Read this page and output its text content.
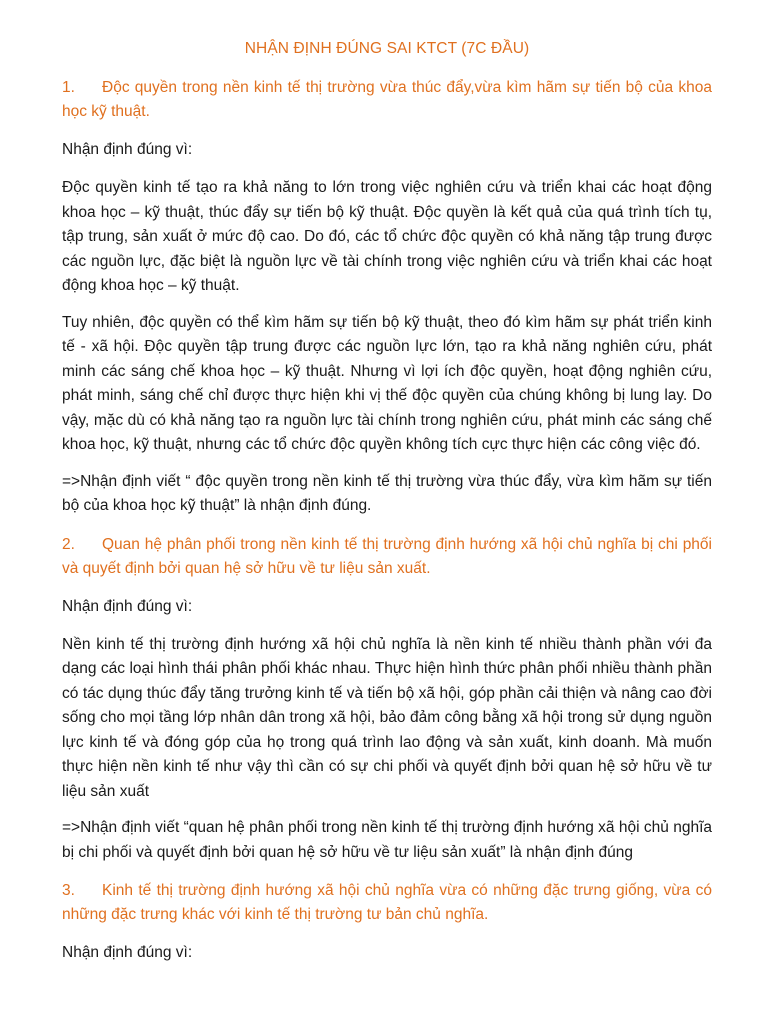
NHẬN ĐỊNH ĐÚNG SAI KTCT (7C ĐẦU)
1. Độc quyền trong nền kinh tế thị trường vừa thúc đẩy,vừa kìm hãm sự tiến bộ của khoa học kỹ thuật.
Nhận định đúng vì:
Độc quyền kinh tế tạo ra khả năng to lớn trong việc nghiên cứu và triển khai các hoạt động khoa học – kỹ thuật, thúc đẩy sự tiến bộ kỹ thuật. Độc quyền là kết quả của quá trình tích tụ, tập trung, sản xuất ở mức độ cao. Do đó, các tổ chức độc quyền có khả năng tập trung được các nguồn lực, đặc biệt là nguồn lực về tài chính trong việc nghiên cứu và triển khai các hoạt động khoa học – kỹ thuật.
Tuy nhiên, độc quyền có thể kìm hãm sự tiến bộ kỹ thuật, theo đó kìm hãm sự phát triển kinh tế - xã hội. Độc quyền tập trung được các nguồn lực lớn, tạo ra khả năng nghiên cứu, phát minh các sáng chế khoa học – kỹ thuật. Nhưng vì lợi ích độc quyền, hoạt động nghiên cứu, phát minh, sáng chế chỉ được thực hiện khi vị thế độc quyền của chúng không bị lung lay. Do vậy, mặc dù có khả năng tạo ra nguồn lực tài chính trong nghiên cứu, phát minh các sáng chế khoa học, kỹ thuật, nhưng các tổ chức độc quyền không tích cực thực hiện các công việc đó.
=>Nhận định viết “ độc quyền trong nền kinh tế thị trường vừa thúc đẩy, vừa kìm hãm sự tiến bộ của khoa học kỹ thuật” là nhận định đúng.
2. Quan hệ phân phối trong nền kinh tế thị trường định hướng xã hội chủ nghĩa bị chi phối và quyết định bởi quan hệ sở hữu về tư liệu sản xuất.
Nhận định đúng vì:
Nền kinh tế thị trường định hướng xã hội chủ nghĩa là nền kinh tế nhiều thành phần với đa dạng các loại hình thái phân phối khác nhau. Thực hiện hình thức phân phối nhiều thành phần có tác dụng thúc đẩy tăng trưởng kinh tế và tiến bộ xã hội, góp phần cải thiện và nâng cao đời sống cho mọi tầng lớp nhân dân trong xã hội, bảo đảm công bằng xã hội trong sử dụng nguồn lực kinh tế và đóng góp của họ trong quá trình lao động và sản xuất, kinh doanh. Mà muốn thực hiện nền kinh tế như vậy thì cần có sự chi phối và quyết định bởi quan hệ sở hữu về tư liệu sản xuất
=>Nhận định viết “quan hệ phân phối trong nền kinh tế thị trường định hướng xã hội chủ nghĩa bị chi phối và quyết định bởi quan hệ sở hữu về tư liệu sản xuất” là nhận định đúng
3. Kinh tế thị trường định hướng xã hội chủ nghĩa vừa có những đặc trưng giống, vừa có những đặc trưng khác với kinh tế thị trường tư bản chủ nghĩa.
Nhận định đúng vì:
